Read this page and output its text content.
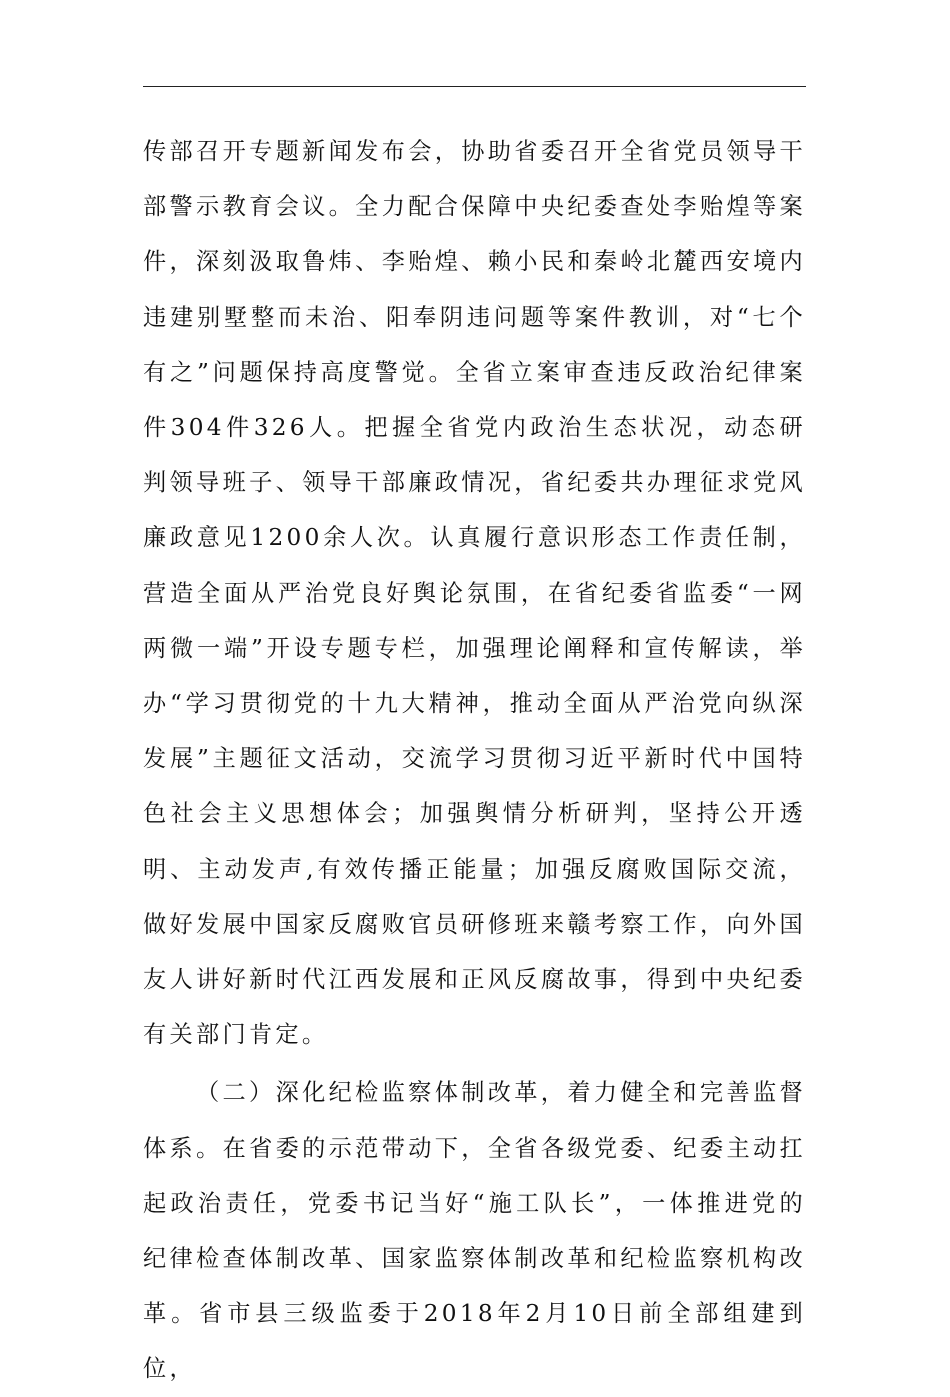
传部召开专题新闻发布会，协助省委召开全省党员领导干部警示教育会议。全力配合保障中央纪委查处李贻煌等案件，深刻汲取鲁炜、李贻煌、赖小民和秦岭北麓西安境内违建别墅整而未治、阳奉阴违问题等案件教训，对“七个有之”问题保持高度警觉。全省立案审查违反政治纪律案件304件326人。把握全省党内政治生态状况，动态研判领导班子、领导干部廉政情况，省纪委共办理征求党风廉政意见1200余人次。认真履行意识形态工作责任制，营造全面从严治党良好舆论氛围，在省纪委省监委“一网两微一端”开设专题专栏，加强理论阐释和宣传解读，举办“学习贯彻党的十九大精神，推动全面从严治党向纵深发展”主题征文活动，交流学习贯彻习近平新时代中国特色社会主义思想体会；加强舆情分析研判，坚持公开透明、主动发声,有效传播正能量；加强反腐败国际交流，做好发展中国家反腐败官员研修班来赣考察工作，向外国友人讲好新时代江西发展和正风反腐故事，得到中央纪委有关部门肯定。

（二）深化纪检监察体制改革，着力健全和完善监督体系。在省委的示范带动下，全省各级党委、纪委主动扛起政治责任，党委书记当好“施工队长”，一体推进党的纪律检查体制改革、国家监察体制改革和纪检监察机构改革。省市县三级监委于2018年2月10日前全部组建到位，
